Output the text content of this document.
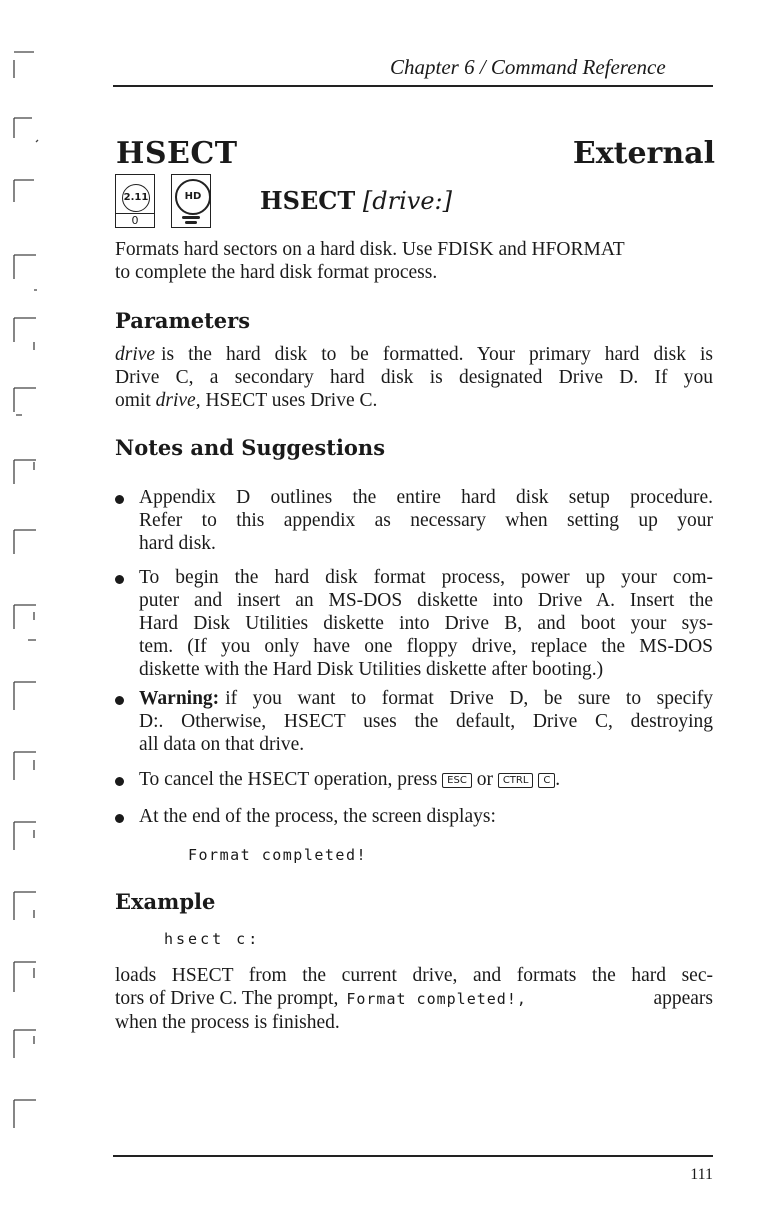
Chapter 6 / Command Reference
HSECT	External
2.11
0
HD	HSECT [drive:]
Formats hard sectors on a hard disk. Use FDISK and HFORMAT
to complete the hard disk format process.
Parameters
drive is the hard disk to be formatted. Your primary hard disk is
Drive C, a secondary hard disk is designated Drive D. If you
omit drive, HSECT uses Drive C.
Notes and Suggestions
Appendix D outlines the entire hard disk setup procedure.
Refer to this appendix as necessary when setting up your
hard disk.
To begin the hard disk format process, power up your com-
puter and insert an MS-DOS diskette into Drive A. Insert the
Hard Disk Utilities diskette into Drive B, and boot your sys-
tem. (If you only have one floppy drive, replace the MS-DOS
diskette with the Hard Disk Utilities diskette after booting.)
Warning: if you want to format Drive D, be sure to specify
D:. Otherwise, HSECT uses the default, Drive C, destroying
all data on that drive.
To cancel the HSECT operation, press ESC or CTRL C .
At the end of the process, the screen displays:
Format completed!
Example
hsect c:
loads HSECT from the current drive, and formats the hard sec-
tors of Drive C. The prompt, Format completed!,	appears
when the process is finished.
111
